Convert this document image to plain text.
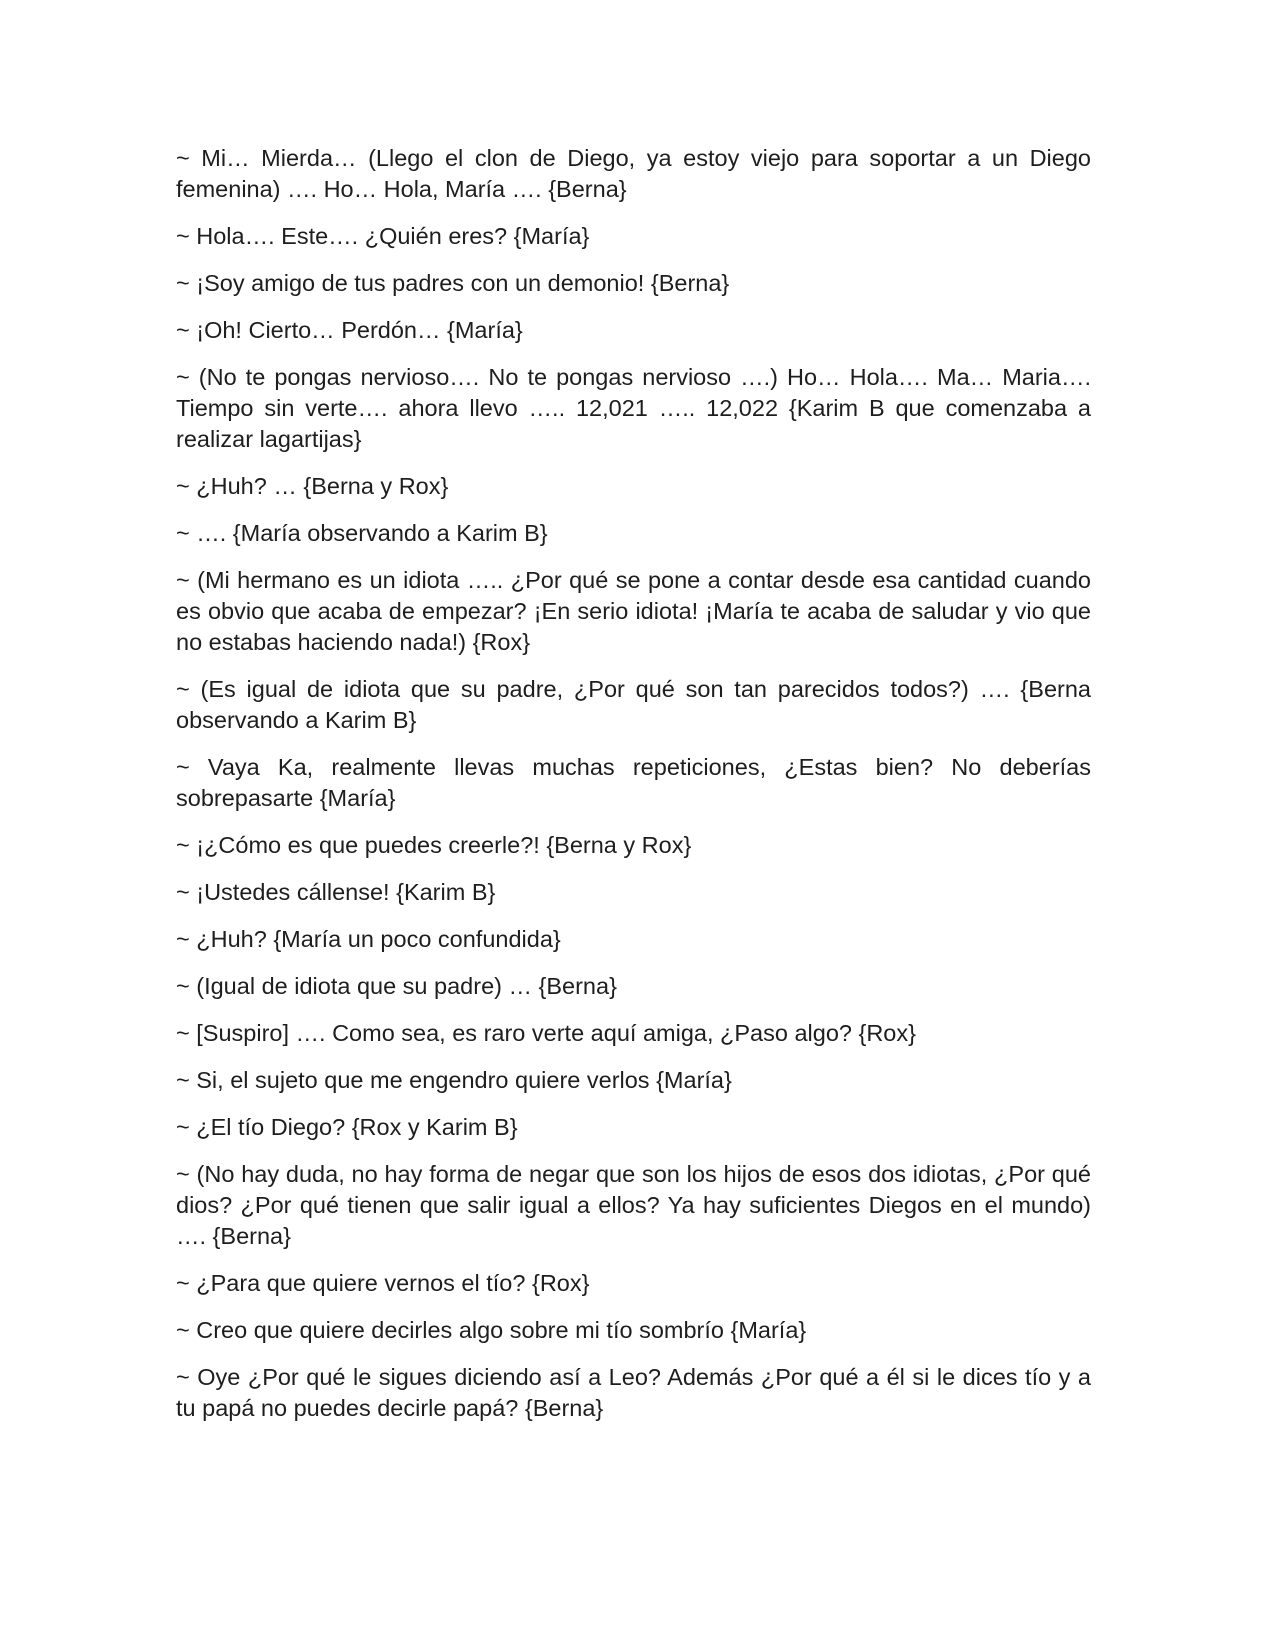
~ Mi… Mierda… (Llego el clon de Diego, ya estoy viejo para soportar a un Diego femenina) …. Ho… Hola, María …. {Berna}

~ Hola…. Este…. ¿Quién eres? {María}

~ ¡Soy amigo de tus padres con un demonio! {Berna}

~ ¡Oh! Cierto… Perdón… {María}

~ (No te pongas nervioso…. No te pongas nervioso ….) Ho… Hola…. Ma… Maria…. Tiempo sin verte…. ahora llevo ….. 12,021 ….. 12,022 {Karim B que comenzaba a realizar lagartijas}

~ ¿Huh? … {Berna y Rox}

~ …. {María observando a Karim B}

~ (Mi hermano es un idiota ….. ¿Por qué se pone a contar desde esa cantidad cuando es obvio que acaba de empezar? ¡En serio idiota! ¡María te acaba de saludar y vio que no estabas haciendo nada!) {Rox}

~ (Es igual de idiota que su padre, ¿Por qué son tan parecidos todos?) …. {Berna observando a Karim B}

~ Vaya Ka, realmente llevas muchas repeticiones, ¿Estas bien? No deberías sobrepasarte {María}

~ ¡¿Cómo es que puedes creerle?! {Berna y Rox}

~ ¡Ustedes cállense! {Karim B}

~ ¿Huh? {María un poco confundida}

~ (Igual de idiota que su padre) … {Berna}

~ [Suspiro] …. Como sea, es raro verte aquí amiga, ¿Paso algo? {Rox}

~ Si, el sujeto que me engendro quiere verlos {María}

~ ¿El tío Diego? {Rox y Karim B}

~ (No hay duda, no hay forma de negar que son los hijos de esos dos idiotas, ¿Por qué dios? ¿Por qué tienen que salir igual a ellos? Ya hay suficientes Diegos en el mundo) …. {Berna}

~ ¿Para que quiere vernos el tío? {Rox}

~ Creo que quiere decirles algo sobre mi tío sombrío {María}

~ Oye ¿Por qué le sigues diciendo así a Leo? Además ¿Por qué a él si le dices tío y a tu papá no puedes decirle papá? {Berna}
